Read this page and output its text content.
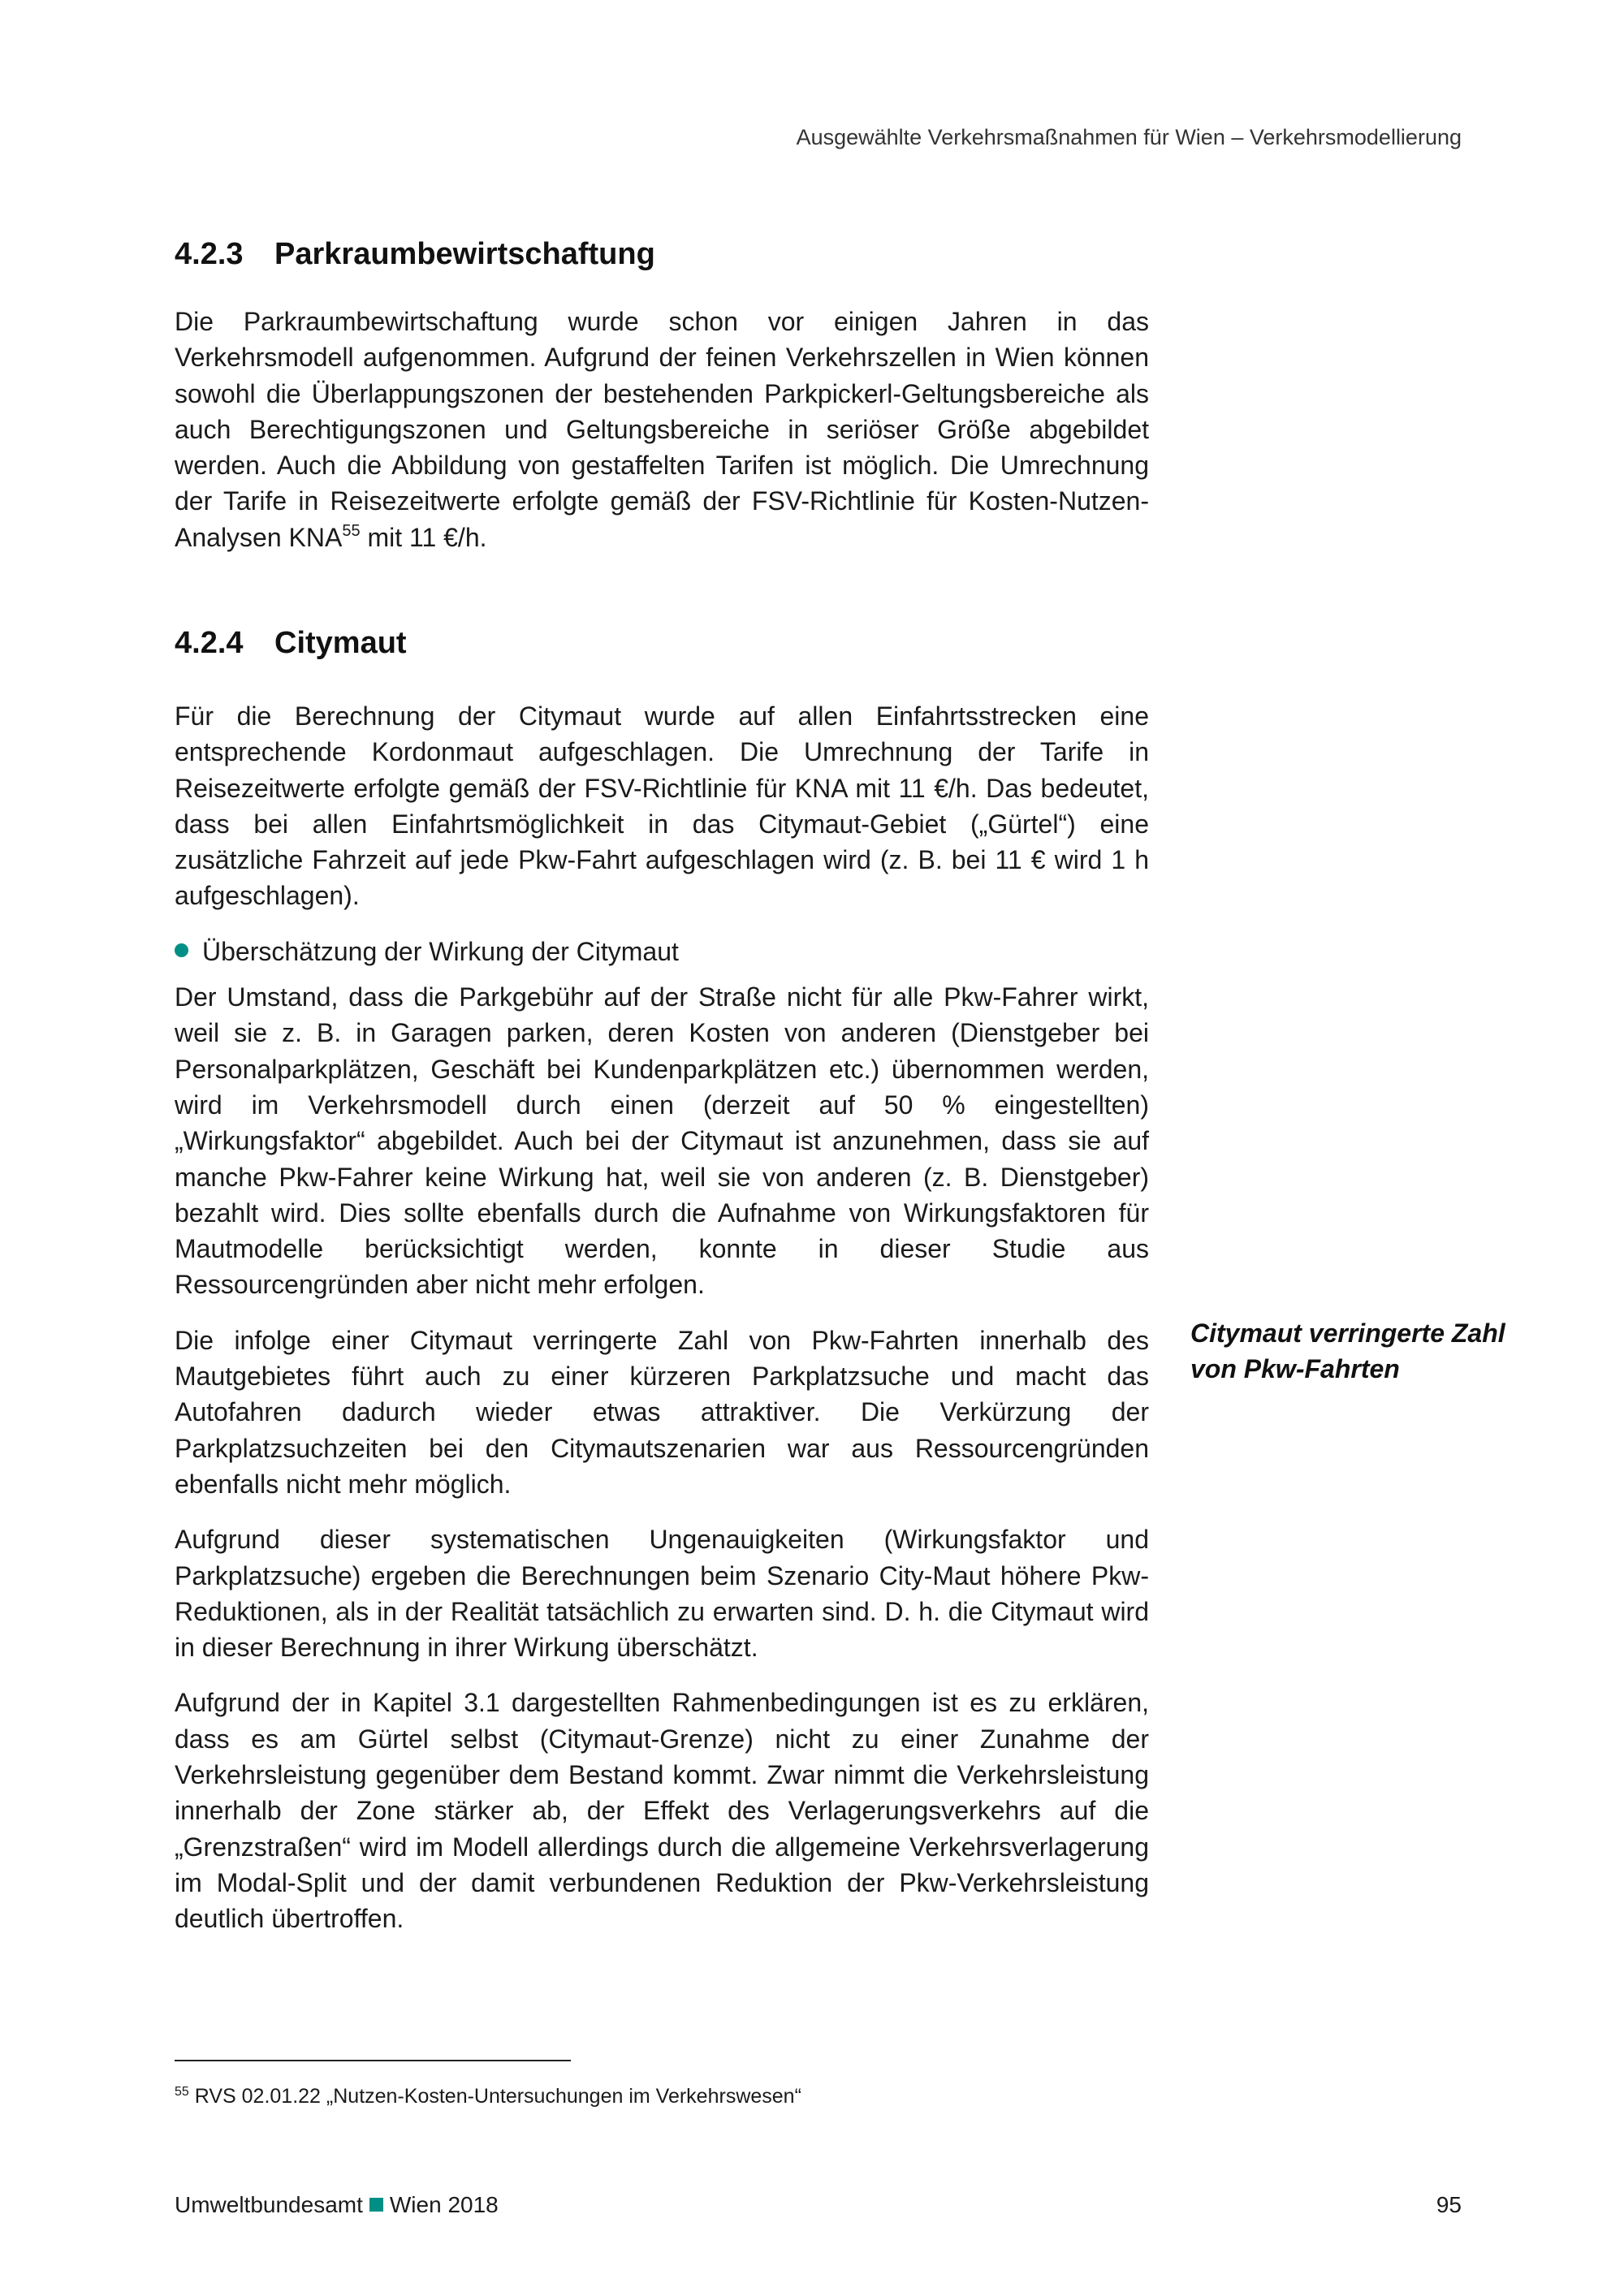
Ausgewählte Verkehrsmaßnahmen für Wien – Verkehrsmodellierung
4.2.3 Parkraumbewirtschaftung

Die Parkraumbewirtschaftung wurde schon vor einigen Jahren in das Verkehrsmodell aufgenommen. Aufgrund der feinen Verkehrszellen in Wien können sowohl die Überlappungszonen der bestehenden Parkpickerl-Geltungsbereiche als auch Berechtigungszonen und Geltungsbereiche in seriöser Größe abgebildet werden. Auch die Abbildung von gestaffelten Tarifen ist möglich. Die Umrechnung der Tarife in Reisezeitwerte erfolgte gemäß der FSV-Richtlinie für Kosten-Nutzen-Analysen KNA$^{55}$ mit 11 €/h.

4.2.4 Citymaut

Für die Berechnung der Citymaut wurde auf allen Einfahrtsstrecken eine entsprechende Kordonmaut aufgeschlagen. Die Umrechnung der Tarife in Reisezeitwerte erfolgte gemäß der FSV-Richtlinie für KNA mit 11 €/h. Das bedeutet, dass bei allen Einfahrtsmöglichkeit in das Citymaut-Gebiet („Gürtel“) eine zusätzliche Fahrzeit auf jede Pkw-Fahrt aufgeschlagen wird (z. B. bei 11 € wird 1 h aufgeschlagen).

Überschätzung der Wirkung der Citymaut

Der Umstand, dass die Parkgebühr auf der Straße nicht für alle Pkw-Fahrer wirkt, weil sie z. B. in Garagen parken, deren Kosten von anderen (Dienstgeber bei Personalparkplätzen, Geschäft bei Kundenparkplätzen etc.) übernommen werden, wird im Verkehrsmodell durch einen (derzeit auf 50 % eingestellten) „Wirkungsfaktor“ abgebildet. Auch bei der Citymaut ist anzunehmen, dass sie auf manche Pkw-Fahrer keine Wirkung hat, weil sie von anderen (z. B. Dienstgeber) bezahlt wird. Dies sollte ebenfalls durch die Aufnahme von Wirkungsfaktoren für Mautmodelle berücksichtigt werden, konnte in dieser Studie aus Ressourcengründen aber nicht mehr erfolgen.

Die infolge einer Citymaut verringerte Zahl von Pkw-Fahrten innerhalb des Mautgebietes führt auch zu einer kürzeren Parkplatzsuche und macht das Autofahren dadurch wieder etwas attraktiver. Die Verkürzung der Parkplatzsuchzeiten bei den Citymautszenarien war aus Ressourcengründen ebenfalls nicht mehr möglich.

Aufgrund dieser systematischen Ungenauigkeiten (Wirkungsfaktor und Parkplatzsuche) ergeben die Berechnungen beim Szenario City-Maut höhere Pkw-Reduktionen, als in der Realität tatsächlich zu erwarten sind. D. h. die Citymaut wird in dieser Berechnung in ihrer Wirkung überschätzt.

Aufgrund der in Kapitel 3.1 dargestellten Rahmenbedingungen ist es zu erklären, dass es am Gürtel selbst (Citymaut-Grenze) nicht zu einer Zunahme der Verkehrsleistung gegenüber dem Bestand kommt. Zwar nimmt die Verkehrsleistung innerhalb der Zone stärker ab, der Effekt des Verlagerungsverkehrs auf die „Grenzstraßen“ wird im Modell allerdings durch die allgemeine Verkehrsverlagerung im Modal-Split und der damit verbundenen Reduktion der Pkw-Verkehrsleistung deutlich übertroffen.

Citymaut verringerte Zahl von Pkw-Fahrten

$^{55}$ RVS 02.01.22 „Nutzen-Kosten-Untersuchungen im Verkehrswesen“

Umweltbundesamt Wien 2018	95
